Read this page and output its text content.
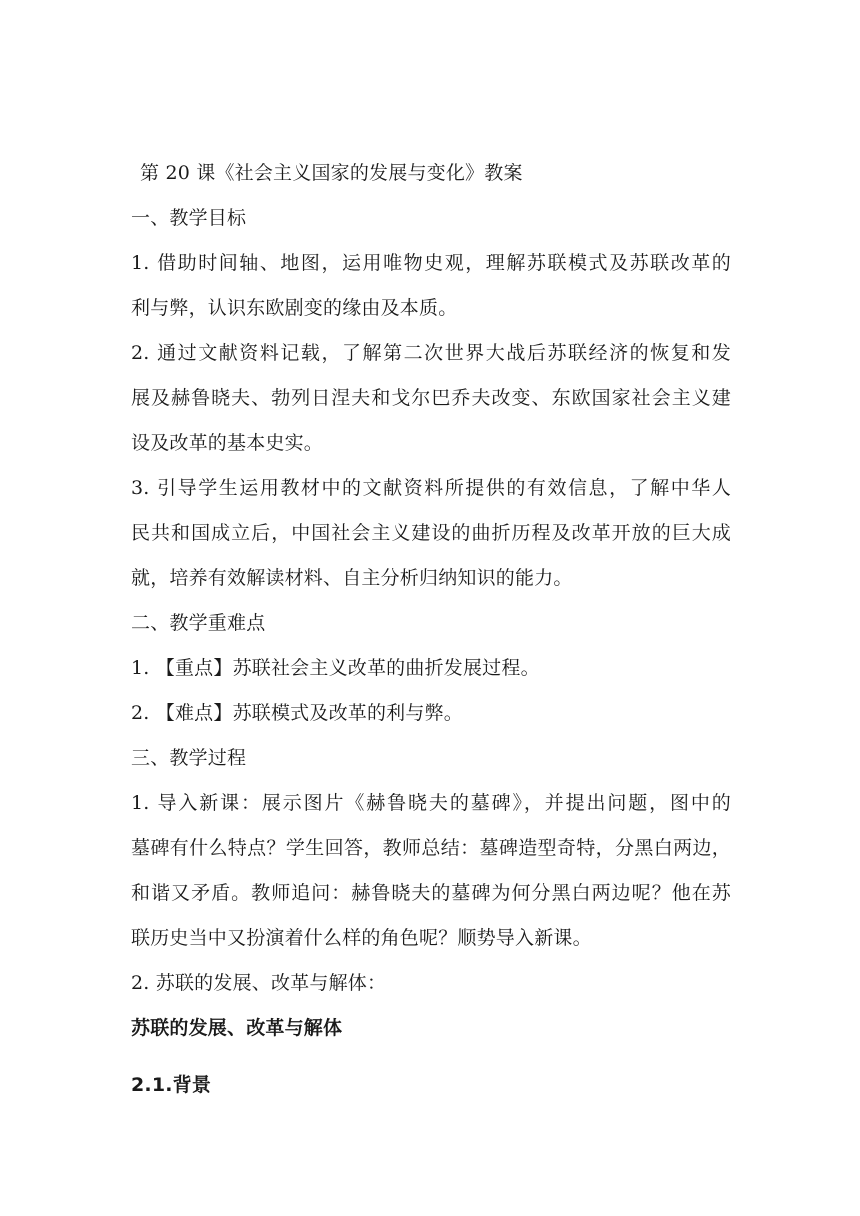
第 20 课《社会主义国家的发展与变化》教案
一、教学目标
1. 借助时间轴、地图，运用唯物史观，理解苏联模式及苏联改革的
利与弊，认识东欧剧变的缘由及本质。
2. 通过文献资料记载，了解第二次世界大战后苏联经济的恢复和发
展及赫鲁晓夫、勃列日涅夫和戈尔巴乔夫改变、东欧国家社会主义建
设及改革的基本史实。
3. 引导学生运用教材中的文献资料所提供的有效信息，了解中华人
民共和国成立后，中国社会主义建设的曲折历程及改革开放的巨大成
就，培养有效解读材料、自主分析归纳知识的能力。
二、教学重难点
1. 【重点】苏联社会主义改革的曲折发展过程。
2. 【难点】苏联模式及改革的利与弊。
三、教学过程
1. 导入新课：展示图片《赫鲁晓夫的墓碑》，并提出问题，图中的
墓碑有什么特点？学生回答，教师总结：墓碑造型奇特，分黑白两边，
和谐又矛盾。教师追问：赫鲁晓夫的墓碑为何分黑白两边呢？他在苏
联历史当中又扮演着什么样的角色呢？顺势导入新课。
2. 苏联的发展、改革与解体：
苏联的发展、改革与解体
2.1.背景
